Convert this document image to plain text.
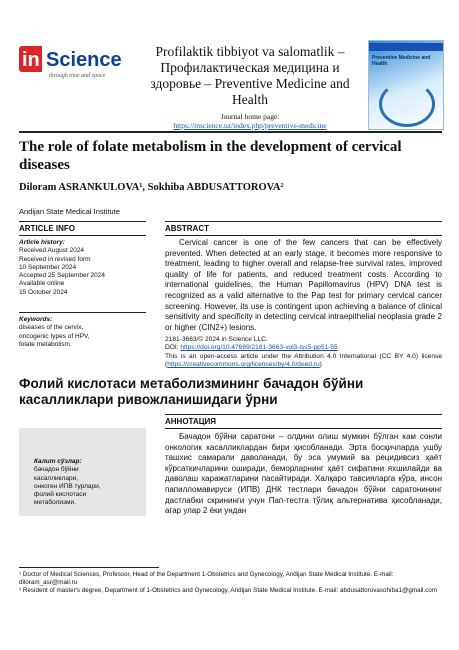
in Science
through time and space
Profilaktik tibbiyot va salomatlik – Профилактическая медицина и здоровье – Preventive Medicine and Health
Journal home page:
https://inscience.uz/index.php/preventive-medicine
Preventive Medicine and Health
The role of folate metabolism in the development of cervical diseases
Diloram ASRANKULOVA¹, Sokhiba ABDUSATTOROVA²
Andijan State Medical Institute
ARTICLE INFO	ABSTRACT
Article history:
Received August 2024
Received in revised form
10 September 2024
Accepted 25 September 2024
Available online
15 October 2024
Keywords:
diseases of the cervix,
oncogenic types of HPV,
folate metabolism.
Cervical cancer is one of the few cancers that can be effectively prevented. When detected at an early stage, it becomes more responsive to treatment, leading to higher overall and relapse-free survival rates, improved quality of life for patients, and reduced treatment costs. According to international guidelines, the Human Papillomavirus (HPV) DNA test is recognized as a valid alternative to the Pap test for primary cervical cancer screening. However, its use is contingent upon achieving a balance of clinical sensitivity and specificity in detecting cervical intraepithelial neoplasia grade 2 or higher (CIN2+) lesions.
2181-3663/© 2024 in Science LLC.
DOI: https://doi.org/10.47689/2181-3663-vol3-iss5-pp51-55
This is an open-access article under the Attribution 4.0 International (CC BY 4.0) license (https://creativecommons.org/licenses/by/4.0/deed.ru)
Фолий кислотаси метаболизмининг бачадон бўйни касалликлари ривожланишидаги ўрни
АННОТАЦИЯ
Калит сўзлар:
бачадон бўйни
касалликлари,
онкоген ИПВ турлари,
фолий кислотаси
метаболизми.
Бачадон бўйни саратони – олдини олиш мумкин бўлган кам сонли онкологик касалликлардан бири ҳисобланади. Эрта босқичларда ушбу ташхис самарали даволанади, бу эса умумий ва рецидивсиз ҳаёт кўрсаткичларини оширади, беморларнинг ҳаёт сифатини яхшилайди ва даволаш харажатларини пасайтиради. Халқаро тавсияларга кўра, инсон папилломавируси (ИПВ) ДНК тестлари бачадон бўйни саратонининг дастлабки скрининги учун Пап-тестга тўлиқ альтернатива ҳисобланади, агар улар 2 ёки ундан
¹ Doctor of Medical Sciences, Professor, Head of the Department 1-Obstetrics and Gynecology, Andijan State Medical Institute. E-mail: diloram_asr@mail.ru
² Resident of master's degree, Department of 1-Obstetrics and Gynecology, Andijan State Medical Institute. E-mail: abdusattorovasohiba1@gmail.com
